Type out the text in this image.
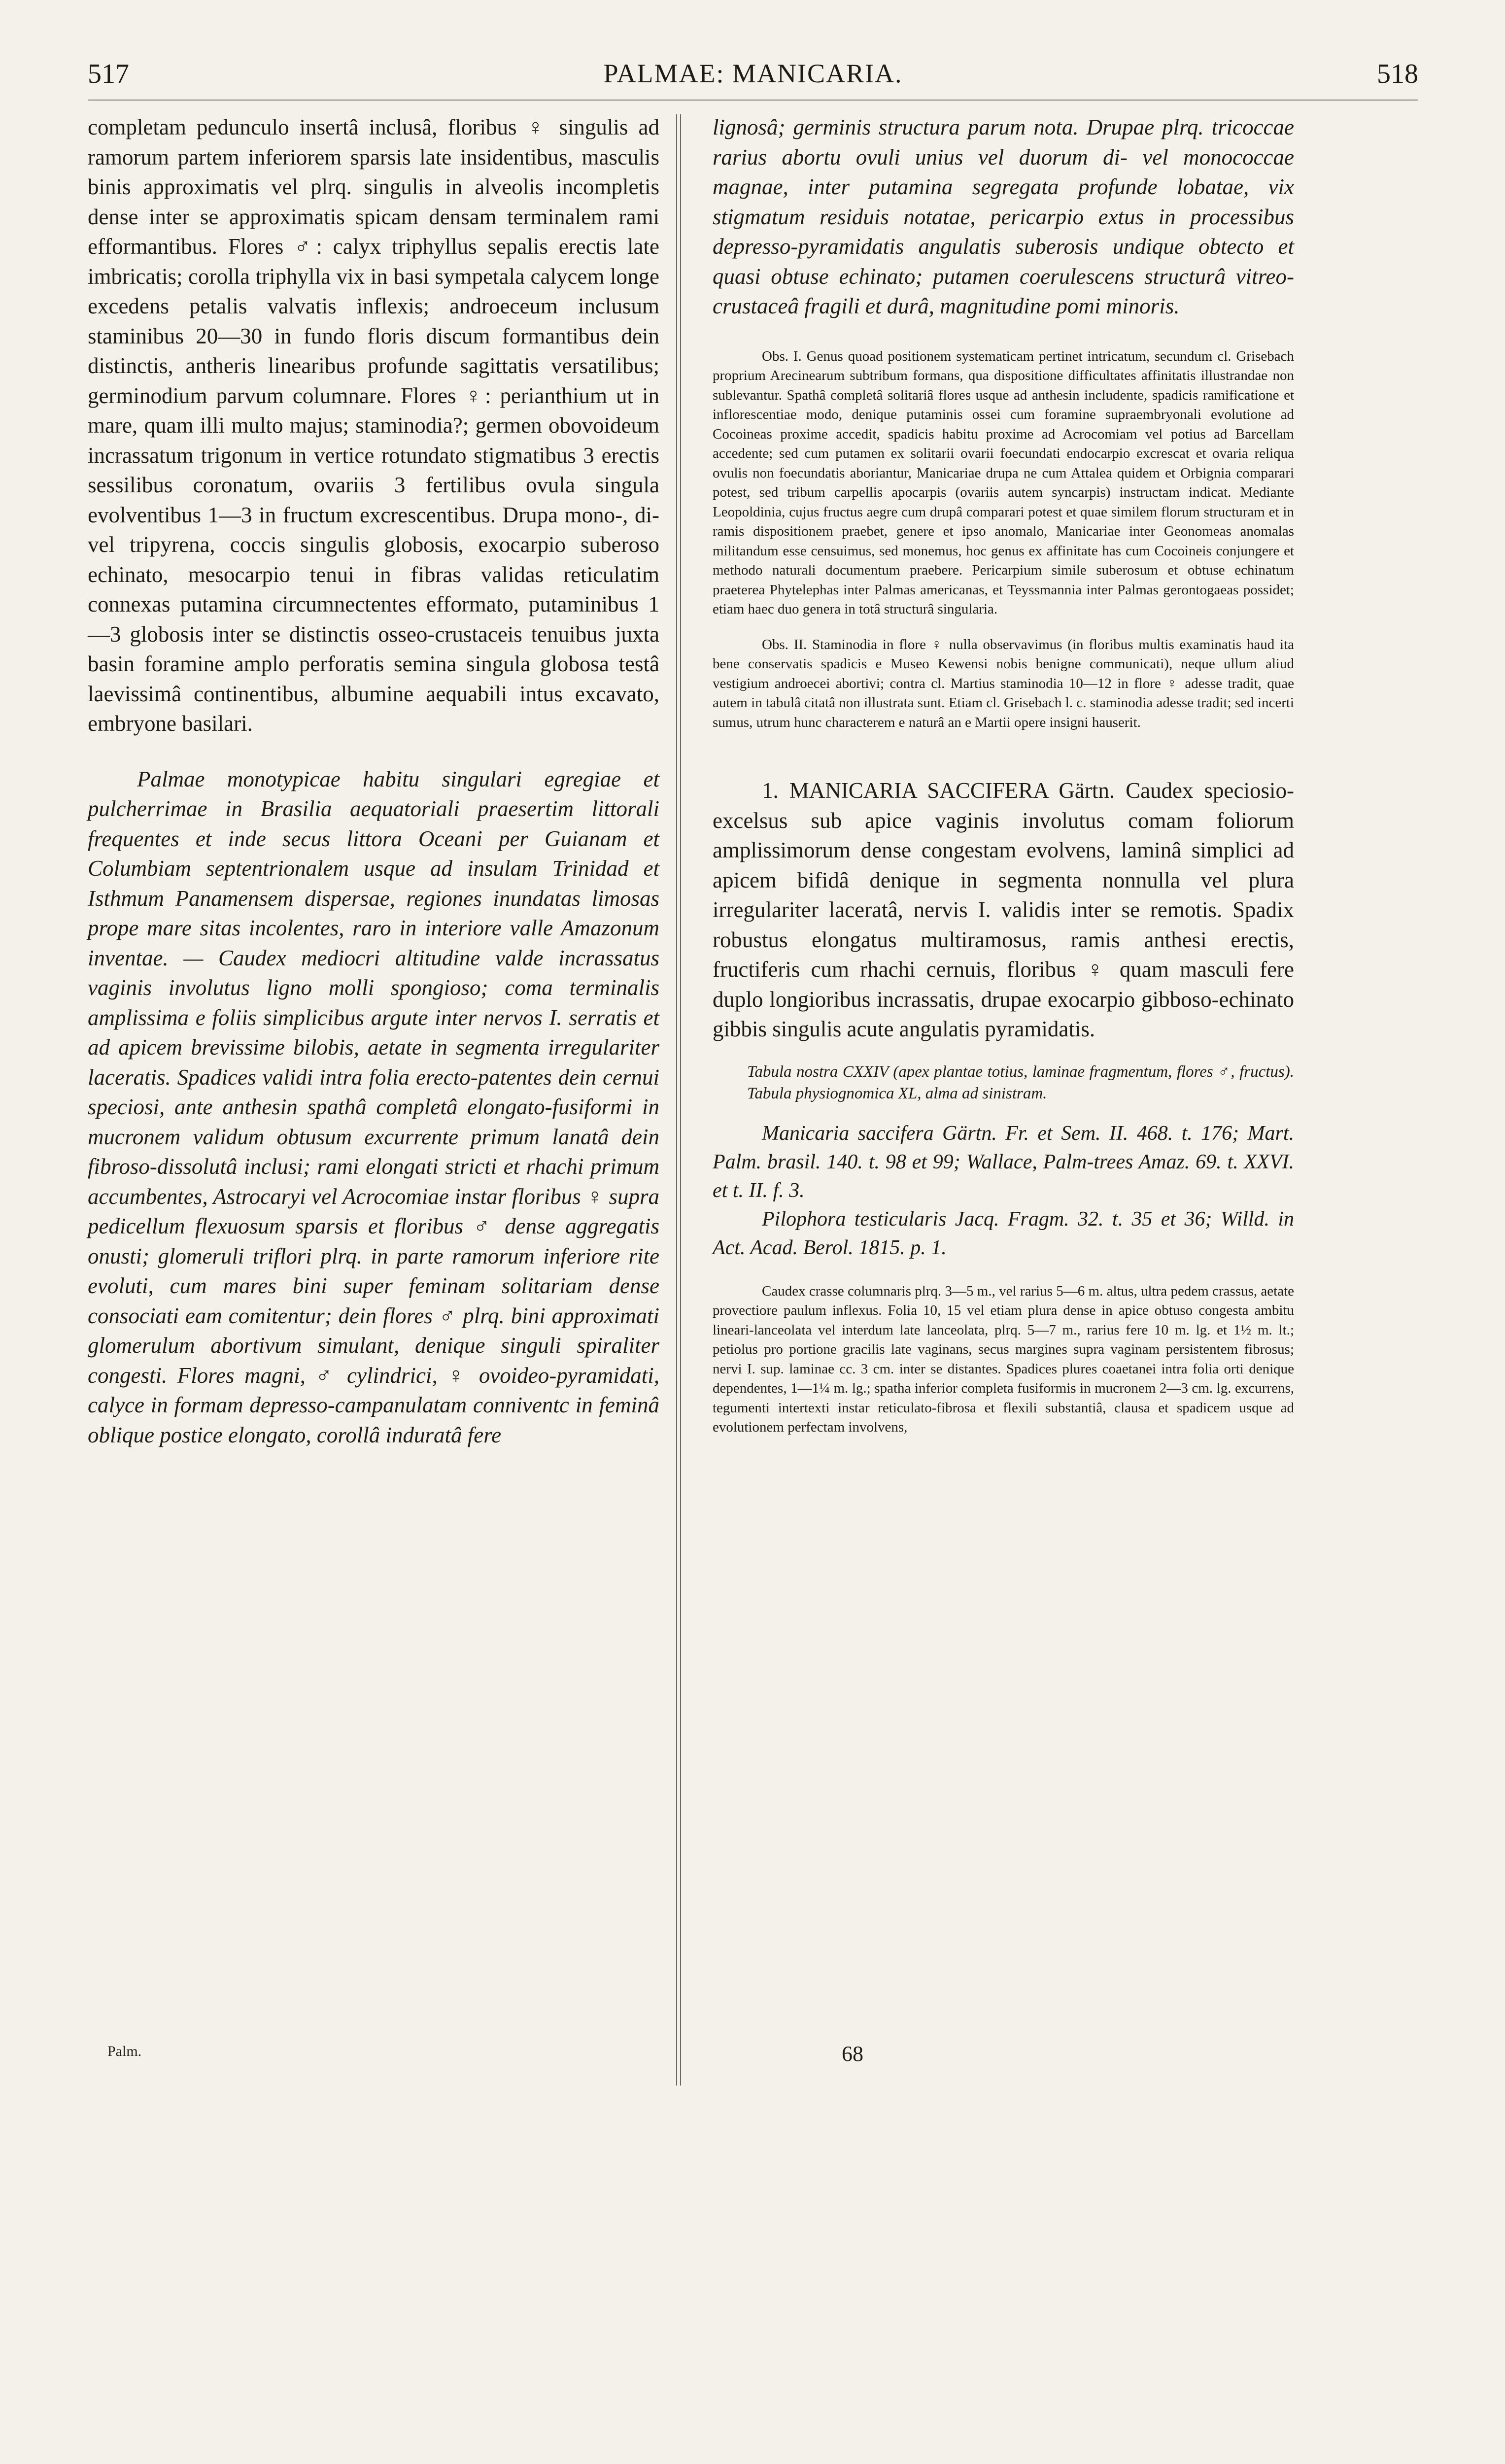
517	PALMAE: MANICARIA.	518

completam pedunculo insertâ inclusâ, floribus ♀ singulis ad ramorum partem inferiorem sparsis late insidentibus, masculis binis approximatis vel plrq. singulis in alveolis incompletis dense inter se approximatis spicam densam terminalem rami efformantibus. Flores ♂: calyx triphyllus sepalis erectis late imbricatis; corolla triphylla vix in basi sympetala calycem longe excedens petalis valvatis inflexis; androeceum inclusum staminibus 20—30 in fundo floris discum formantibus dein distinctis, antheris linearibus profunde sagittatis versatilibus; germinodium parvum columnare. Flores ♀: perianthium ut in mare, quam illi multo majus; staminodia?; germen obovoideum incrassatum trigonum in vertice rotundato stigmatibus 3 erectis sessilibus coronatum, ovariis 3 fertilibus ovula singula evolventibus 1—3 in fructum excrescentibus. Drupa mono-, di- vel tripyrena, coccis singulis globosis, exocarpio suberoso echinato, mesocarpio tenui in fibras validas reticulatim connexas putamina circumnectentes efformato, putaminibus 1—3 globosis inter se distinctis osseo-crustaceis tenuibus juxta basin foramine amplo perforatis semina singula globosa testâ laevissimâ continentibus, albumine aequabili intus excavato, embryone basilari.

Palmae monotypicae habitu singulari egregiae et pulcherrimae in Brasilia aequatoriali praesertim littorali frequentes et inde secus littora Oceani per Guianam et Columbiam septentrionalem usque ad insulam Trinidad et Isthmum Panamensem dispersae, regiones inundatas limosas prope mare sitas incolentes, raro in interiore valle Amazonum inventae. — Caudex mediocri altitudine valde incrassatus vaginis involutus ligno molli spongioso; coma terminalis amplissima e foliis simplicibus argute inter nervos I. serratis et ad apicem brevissime bilobis, aetate in segmenta irregulariter laceratis. Spadices validi intra folia erecto-patentes dein cernui speciosi, ante anthesin spathâ completâ elongato-fusiformi in mucronem validum obtusum excurrente primum lanatâ dein fibroso-dissolutâ inclusi; rami elongati stricti et rhachi primum accumbentes, Astrocaryi vel Acrocomiae instar floribus ♀ supra pedicellum flexuosum sparsis et floribus ♂ dense aggregatis onusti; glomeruli triflori plrq. in parte ramorum inferiore rite evoluti, cum mares bini super feminam solitariam dense consociati eam comitentur; dein flores ♂ plrq. bini approximati glomerulum abortivum simulant, denique singuli spiraliter congesti. Flores magni, ♂ cylindrici, ♀ ovoideo-pyramidati, calyce in formam depresso-campanulatam conniventc in feminâ oblique postice elongato, corollâ induratâ fere

lignosâ; germinis structura parum nota. Drupae plrq. tricoccae rarius abortu ovuli unius vel duorum di- vel monococcae magnae, inter putamina segregata profunde lobatae, vix stigmatum residuis notatae, pericarpio extus in processibus depresso-pyramidatis angulatis suberosis undique obtecto et quasi obtuse echinato; putamen coerulescens structurâ vitreo-crustaceâ fragili et durâ, magnitudine pomi minoris.

Obs. I. Genus quoad positionem systematicam pertinet intricatum, secundum cl. Grisebach proprium Arecinearum subtribum formans, qua dispositione difficultates affinitatis illustrandae non sublevantur. Spathâ completâ solitariâ flores usque ad anthesin includente, spadicis ramificatione et inflorescentiae modo, denique putaminis ossei cum foramine supraembryonali evolutione ad Cocoineas proxime accedit, spadicis habitu proxime ad Acrocomiam vel potius ad Barcellam accedente; sed cum putamen ex solitarii ovarii foecundati endocarpio excrescat et ovaria reliqua ovulis non foecundatis aboriantur, Manicariae drupa ne cum Attalea quidem et Orbignia comparari potest, sed tribum carpellis apocarpis (ovariis autem syncarpis) instructam indicat. Mediante Leopoldinia, cujus fructus aegre cum drupâ comparari potest et quae similem florum structuram et in ramis dispositionem praebet, genere et ipso anomalo, Manicariae inter Geonomeas anomalas militandum esse censuimus, sed monemus, hoc genus ex affinitate has cum Cocoineis conjungere et methodo naturali documentum praebere. Pericarpium simile suberosum et obtuse echinatum praeterea Phytelephas inter Palmas americanas, et Teyssmannia inter Palmas gerontogaeas possidet; etiam haec duo genera in totâ structurâ singularia.

Obs. II. Staminodia in flore ♀ nulla observavimus (in floribus multis examinatis haud ita bene conservatis spadicis e Museo Kewensi nobis benigne communicati), neque ullum aliud vestigium androecei abortivi; contra cl. Martius staminodia 10—12 in flore ♀ adesse tradit, quae autem in tabulâ citatâ non illustrata sunt. Etiam cl. Grisebach l. c. staminodia adesse tradit; sed incerti sumus, utrum hunc characterem e naturâ an e Martii opere insigni hauserit.

1. MANICARIA SACCIFERA Gärtn. Caudex speciosio-excelsus sub apice vaginis involutus comam foliorum amplissimorum dense congestam evolvens, laminâ simplici ad apicem bifidâ denique in segmenta nonnulla vel plura irregulariter laceratâ, nervis I. validis inter se remotis. Spadix robustus elongatus multiramosus, ramis anthesi erectis, fructiferis cum rhachi cernuis, floribus ♀ quam masculi fere duplo longioribus incrassatis, drupae exocarpio gibboso-echinato gibbis singulis acute angulatis pyramidatis.

Tabula nostra CXXIV (apex plantae totius, laminae fragmentum, flores ♂, fructus). Tabula physiognomica XL, alma ad sinistram.

Manicaria saccifera Gärtn. Fr. et Sem. II. 468. t. 176; Mart. Palm. brasil. 140. t. 98 et 99; Wallace, Palm-trees Amaz. 69. t. XXVI. et t. II. f. 3.

Pilophora testicularis Jacq. Fragm. 32. t. 35 et 36; Willd. in Act. Acad. Berol. 1815. p. 1.

Caudex crasse columnaris plrq. 3—5 m., vel rarius 5—6 m. altus, ultra pedem crassus, aetate provectiore paulum inflexus. Folia 10, 15 vel etiam plura dense in apice obtuso congesta ambitu lineari-lanceolata vel interdum late lanceolata, plrq. 5—7 m., rarius fere 10 m. lg. et 1½ m. lt.; petiolus pro portione gracilis late vaginans, secus margines supra vaginam persistentem fibrosus; nervi I. sup. laminae cc. 3 cm. inter se distantes. Spadices plures coaetanei intra folia orti denique dependentes, 1—1¼ m. lg.; spatha inferior completa fusiformis in mucronem 2—3 cm. lg. excurrens, tegumenti intertexti instar reticulato-fibrosa et flexili substantiâ, clausa et spadicem usque ad evolutionem perfectam involvens,

Palm.	68
